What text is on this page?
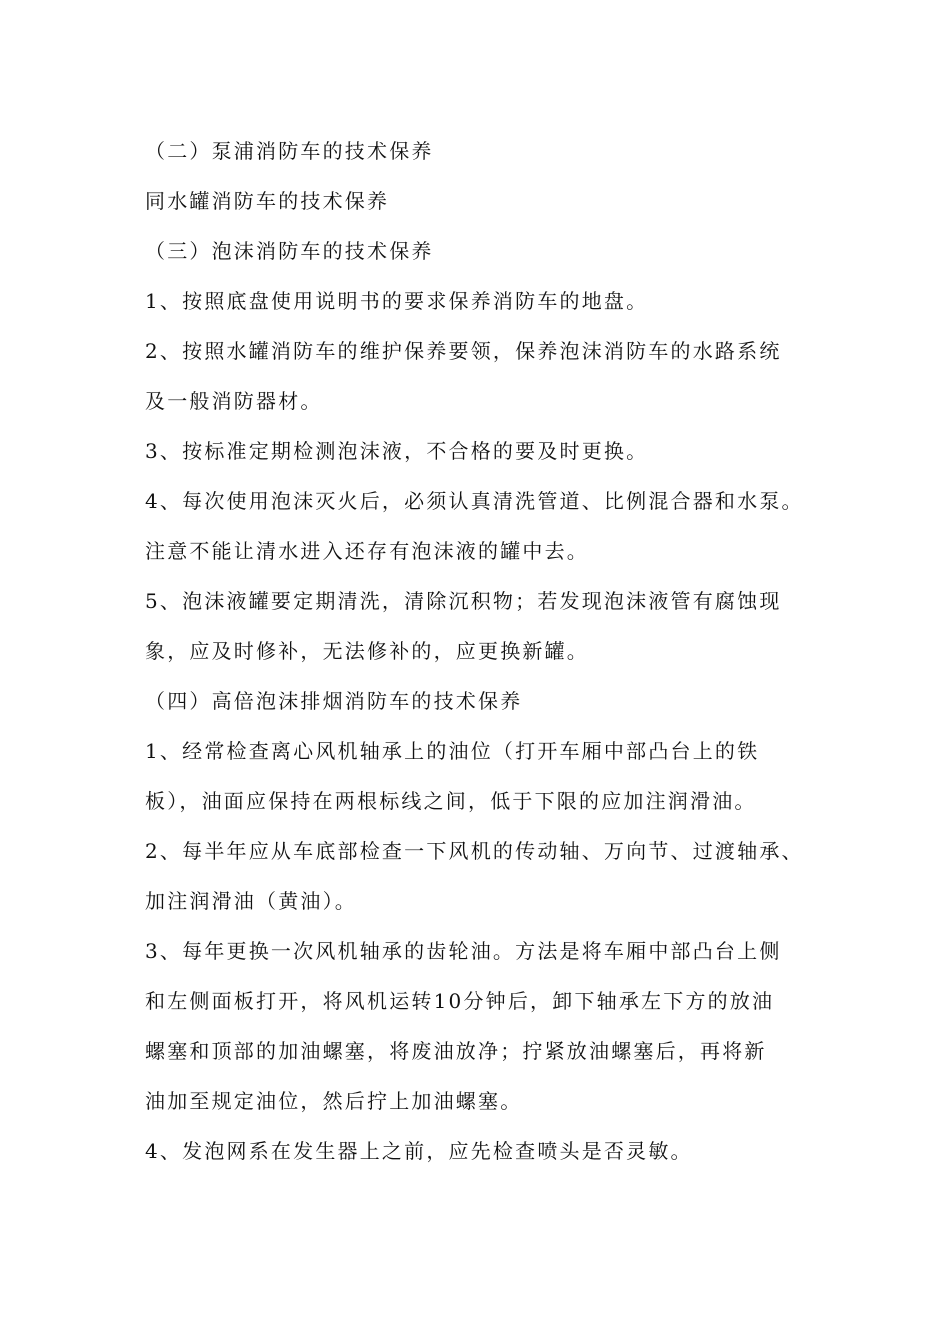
（二）泵浦消防车的技术保养
同水罐消防车的技术保养
（三）泡沫消防车的技术保养
1、按照底盘使用说明书的要求保养消防车的地盘。
2、按照水罐消防车的维护保养要领，保养泡沫消防车的水路系统
及一般消防器材。
3、按标准定期检测泡沫液，不合格的要及时更换。
4、每次使用泡沫灭火后，必须认真清洗管道、比例混合器和水泵。
注意不能让清水进入还存有泡沫液的罐中去。
5、泡沫液罐要定期清洗，清除沉积物；若发现泡沫液管有腐蚀现
象，应及时修补，无法修补的，应更换新罐。
（四）高倍泡沫排烟消防车的技术保养
1、经常检查离心风机轴承上的油位（打开车厢中部凸台上的铁
板），油面应保持在两根标线之间，低于下限的应加注润滑油。
2、每半年应从车底部检查一下风机的传动轴、万向节、过渡轴承、
加注润滑油（黄油）。
3、每年更换一次风机轴承的齿轮油。方法是将车厢中部凸台上侧
和左侧面板打开，将风机运转10分钟后，卸下轴承左下方的放油
螺塞和顶部的加油螺塞，将废油放净；拧紧放油螺塞后，再将新
油加至规定油位，然后拧上加油螺塞。
4、发泡网系在发生器上之前，应先检查喷头是否灵敏。
